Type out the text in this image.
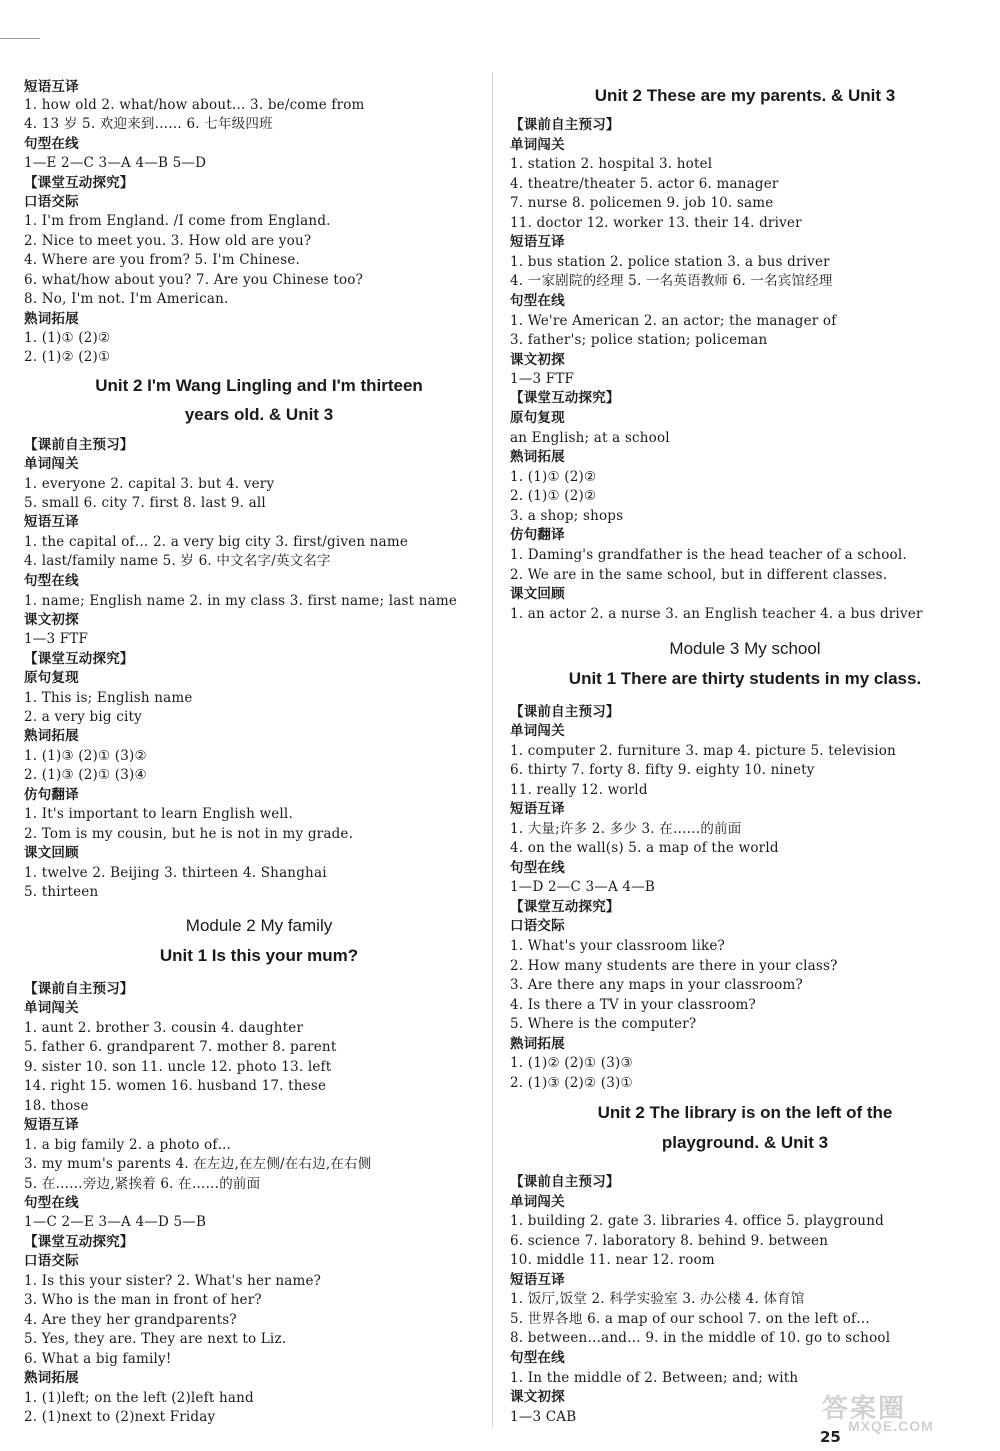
短语互译
1. how old 2. what/how about… 3. be/come from
4. 13 岁 5. 欢迎来到…… 6. 七年级四班
句型在线
1—E 2—C 3—A 4—B 5—D
【课堂互动探究】
口语交际
1. I'm from England. /I come from England.
2. Nice to meet you. 3. How old are you?
4. Where are you from? 5. I'm Chinese.
6. what/how about you? 7. Are you Chinese too?
8. No, I'm not. I'm American.
熟词拓展
1. (1)① (2)②
2. (1)② (2)①
Unit 2 I'm Wang Lingling and I'm thirteen
years old. & Unit 3
【课前自主预习】
单词闯关
1. everyone 2. capital 3. but 4. very
5. small 6. city 7. first 8. last 9. all
短语互译
1. the capital of… 2. a very big city 3. first/given name
4. last/family name 5. 岁 6. 中文名字/英文名字
句型在线
1. name; English name 2. in my class 3. first name; last name
课文初探
1—3 FTF
【课堂互动探究】
原句复现
1. This is; English name
2. a very big city
熟词拓展
1. (1)③ (2)① (3)②
2. (1)③ (2)① (3)④
仿句翻译
1. It's important to learn English well.
2. Tom is my cousin, but he is not in my grade.
课文回顾
1. twelve 2. Beijing 3. thirteen 4. Shanghai
5. thirteen
Module 2 My family
Unit 1 Is this your mum?
【课前自主预习】
单词闯关
1. aunt 2. brother 3. cousin 4. daughter
5. father 6. grandparent 7. mother 8. parent
9. sister 10. son 11. uncle 12. photo 13. left
14. right 15. women 16. husband 17. these
18. those
短语互译
1. a big family 2. a photo of…
3. my mum's parents 4. 在左边,在左侧/在右边,在右侧
5. 在……旁边,紧挨着 6. 在……的前面
句型在线
1—C 2—E 3—A 4—D 5—B
【课堂互动探究】
口语交际
1. Is this your sister? 2. What's her name?
3. Who is the man in front of her?
4. Are they her grandparents?
5. Yes, they are. They are next to Liz.
6. What a big family!
熟词拓展
1. (1)left; on the left (2)left hand
2. (1)next to (2)next Friday
Unit 2 These are my parents. & Unit 3
【课前自主预习】
单词闯关
1. station 2. hospital 3. hotel
4. theatre/theater 5. actor 6. manager
7. nurse 8. policemen 9. job 10. same
11. doctor 12. worker 13. their 14. driver
短语互译
1. bus station 2. police station 3. a bus driver
4. 一家剧院的经理 5. 一名英语教师 6. 一名宾馆经理
句型在线
1. We're American 2. an actor; the manager of
3. father's; police station; policeman
课文初探
1—3 FTF
【课堂互动探究】
原句复现
an English; at a school
熟词拓展
1. (1)① (2)②
2. (1)① (2)②
3. a shop; shops
仿句翻译
1. Daming's grandfather is the head teacher of a school.
2. We are in the same school, but in different classes.
课文回顾
1. an actor 2. a nurse 3. an English teacher 4. a bus driver
Module 3 My school
Unit 1 There are thirty students in my class.
【课前自主预习】
单词闯关
1. computer 2. furniture 3. map 4. picture 5. television
6. thirty 7. forty 8. fifty 9. eighty 10. ninety
11. really 12. world
短语互译
1. 大量;许多 2. 多少 3. 在……的前面
4. on the wall(s) 5. a map of the world
句型在线
1—D 2—C 3—A 4—B
【课堂互动探究】
口语交际
1. What's your classroom like?
2. How many students are there in your class?
3. Are there any maps in your classroom?
4. Is there a TV in your classroom?
5. Where is the computer?
熟词拓展
1. (1)② (2)① (3)③
2. (1)③ (2)② (3)①
Unit 2 The library is on the left of the
playground. & Unit 3
【课前自主预习】
单词闯关
1. building 2. gate 3. libraries 4. office 5. playground
6. science 7. laboratory 8. behind 9. between
10. middle 11. near 12. room
短语互译
1. 饭厅,饭堂 2. 科学实验室 3. 办公楼 4. 体育馆
5. 世界各地 6. a map of our school 7. on the left of…
8. between…and… 9. in the middle of 10. go to school
句型在线
1. In the middle of 2. Between; and; with
课文初探
1—3 CAB	答案圈
MXQE.COM
25
